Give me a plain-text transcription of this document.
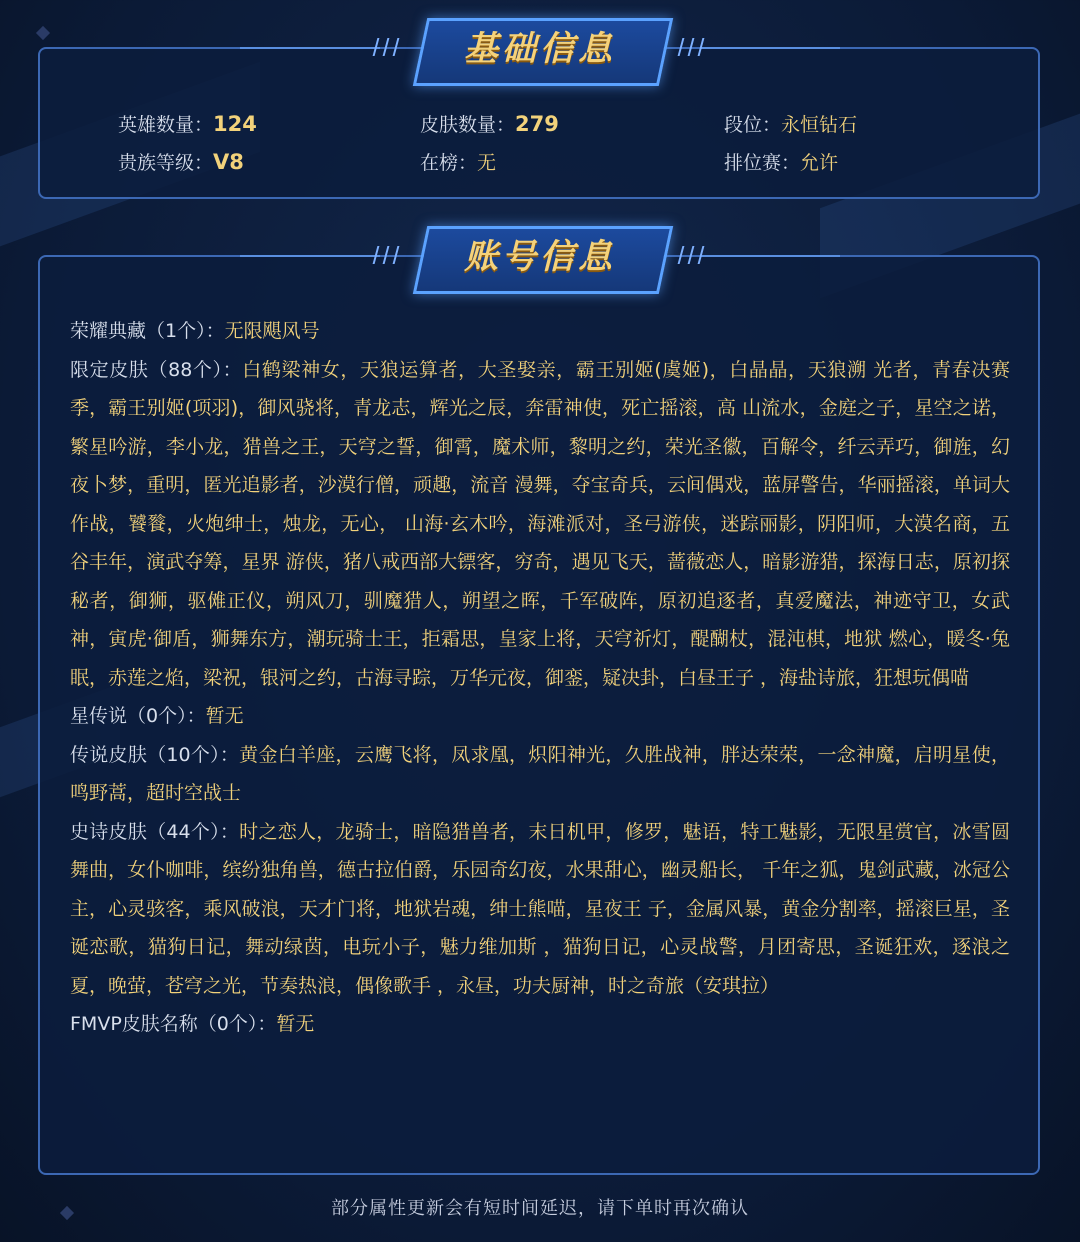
基础信息
英雄数量：124	皮肤数量：279	段位：永恒钻石
贵族等级：V8	在榜：无	排位赛：允许
账号信息
荣耀典藏（1个）：无限飓风号
限定皮肤（88个）：白鹤梁神女，天狼运算者，大圣娶亲，霸王别姬(虞姬)，白晶晶，天狼溯 光者，青春决赛季，霸王别姬(项羽)，御风骁将，青龙志，辉光之辰，奔雷神使，死亡摇滚，高 山流水，金庭之子，星空之诺，繁星吟游，李小龙，猎兽之王，天穹之誓，御霄，魔术师，黎明之约，荣光圣徽，百解令，纤云弄巧，御旌，幻夜卜梦，重明，匿光追影者，沙漠行僧，顽趣，流音 漫舞，夺宝奇兵，云间偶戏，蓝屏警告，华丽摇滚，单词大作战，饕餮，火炮绅士，烛龙，无心， 山海·玄木吟，海滩派对，圣弓游侠，迷踪丽影，阴阳师，大漠名商，五谷丰年，演武夺筹，星界 游侠，猪八戒西部大镖客，穷奇，遇见飞天，蔷薇恋人，暗影游猎，探海日志，原初探秘者，御狮，驱傩正仪，朔风刀，驯魔猎人，朔望之晖，千军破阵，原初追逐者，真爱魔法，神迹守卫，女武 神，寅虎·御盾，狮舞东方，潮玩骑士王，拒霜思，皇家上将，天穹祈灯，醍醐杖，混沌棋，地狱 燃心，暖冬·兔眠，赤莲之焰，梁祝，银河之约，古海寻踪，万华元夜，御銮，疑决卦，白昼王子 ，海盐诗旅，狂想玩偶喵
星传说（0个）：暂无
传说皮肤（10个）：黄金白羊座，云鹰飞将，凤求凰，炽阳神光，久胜战神，胖达荣荣，一念神魔，启明星使，鸣野蒿，超时空战士
史诗皮肤（44个）：时之恋人，龙骑士，暗隐猎兽者，末日机甲，修罗，魅语，特工魅影，无限星赏官，冰雪圆舞曲，女仆咖啡，缤纷独角兽，德古拉伯爵，乐园奇幻夜，水果甜心，幽灵船长， 千年之狐，鬼剑武藏，冰冠公主，心灵骇客，乘风破浪，天才门将，地狱岩魂，绅士熊喵，星夜王 子，金属风暴，黄金分割率，摇滚巨星，圣诞恋歌，猫狗日记，舞动绿茵，电玩小子，魅力维加斯 ，猫狗日记，心灵战警，月团寄思，圣诞狂欢，逐浪之夏，晚萤，苍穹之光，节奏热浪，偶像歌手 ，永昼，功夫厨神，时之奇旅（安琪拉）
FMVP皮肤名称（0个）：暂无
部分属性更新会有短时间延迟，请下单时再次确认
